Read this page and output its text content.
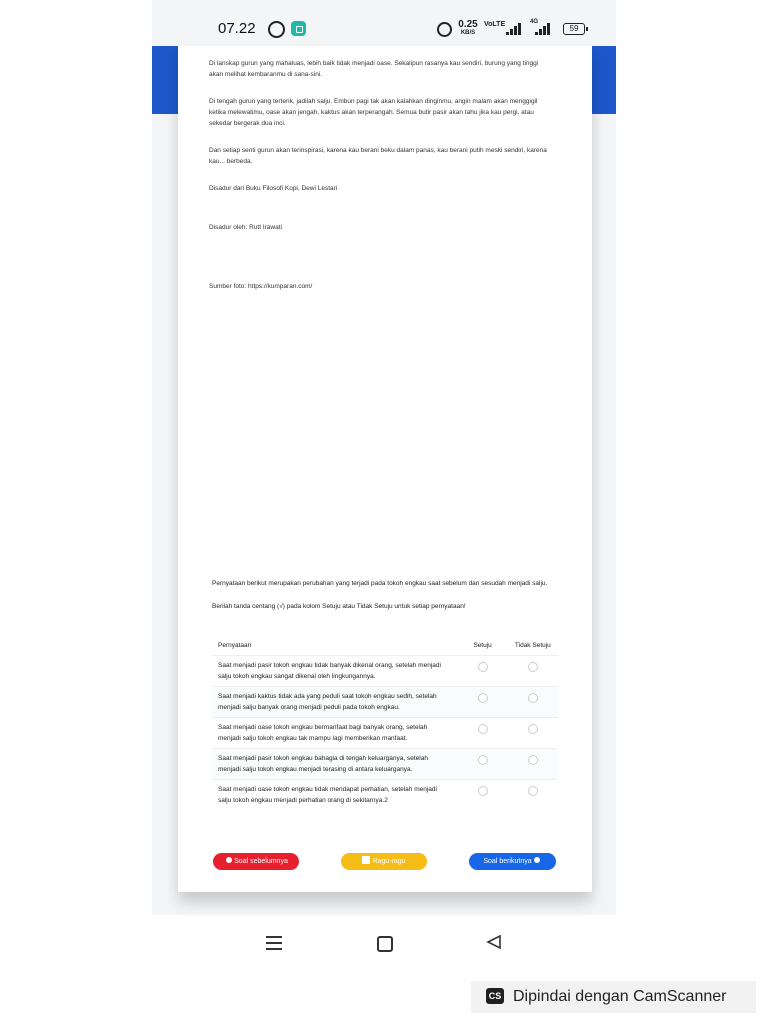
07.22	0.25
KB/S
VoLTE	4G
59

Di lanskap gurun yang mahaluas, lebih baik tidak menjadi oase. Sekalipun rasanya kau sendiri, burung yang tinggi akan melihat kembaranmu di sana-sini.

Di tengah gurun yang terterik, jadilah salju. Embun pagi tak akan kalahkan dinginmu, angin malam akan menggigil ketika melewatimu, oase akan jengah, kaktus akan terperangah. Semua butir pasir akan tahu jika kau pergi, atau sekedar bergerak dua inci.

Dan setiap senti gurun akan terinspirasi, karena kau berani beku dalam panas, kau berani putih meski sendiri, karena kau... berbeda.

Disadur dari Buku Filosofi Kopi, Dewi Lestari

Disadur oleh: Rutt Irawati

Sumber foto: https://kumparan.com/

Pernyataan berikut merupakan perubahan yang terjadi pada tokoh engkau saat sebelum dan sesudah menjadi salju.

Berilah tanda centang (√) pada kolom Setuju atau Tidak Setuju untuk setiap pernyataan!

Pernyataan	Setuju	Tidak Setuju
Saat menjadi pasir tokoh engkau tidak banyak dikenal orang, setelah menjadi salju tokoh engkau sangat dikenal oleh lingkungannya.	

Saat menjadi kaktus tidak ada yang peduli saat tokoh engkau sedih, setelah menjadi salju banyak orang menjadi peduli pada tokoh engkau.	

Saat menjadi oase tokoh engkau bermanfaat bagi banyak orang, setelah menjadi salju tokoh engkau tak mampu lagi memberikan manfaat.	

Saat menjadi pasir tokoh engkau bahagia di tengah keluarganya, setelah menjadi salju tokoh engkau menjadi terasing di antara keluarganya.	

Saat menjadi oase tokoh engkau tidak mendapat perhatian, setelah menjadi salju tokoh engkau menjadi perhatian orang di sekitarnya.2	

Soal sebelumnya	Ragu-ragu	Soal berikutnya
CS Dipindai dengan CamScanner
